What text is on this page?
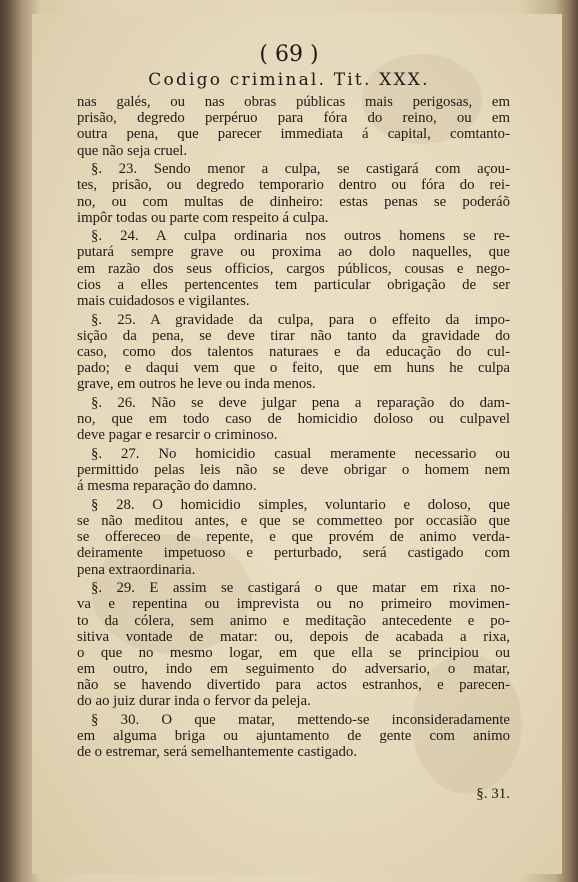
( 69 )
Codigo criminal. Tit. XXX.
nas galés, ou nas obras públicas mais perigosas, em
prisão, degredo perpéruo para fóra do reino, ou em
outra pena, que parecer immediata á capital, comtanto-
que não seja cruel.
§. 23. Sendo menor a culpa, se castigará com açou-
tes, prisão, ou degredo temporario dentro ou fóra do rei-
no, ou com multas de dinheiro: estas penas se poderáõ
impôr todas ou parte com respeito á culpa.
§. 24. A culpa ordinaria nos outros homens se re-
putará sempre grave ou proxima ao dolo naquelles, que
em razão dos seus officios, cargos públicos, cousas e nego-
cios a elles pertencentes tem particular obrigação de ser
mais cuidadosos e vigilantes.
§. 25. A gravidade da culpa, para o effeito da impo-
sição da pena, se deve tirar não tanto da gravidade do
caso, como dos talentos naturaes e da educação do cul-
pado; e daqui vem que o feito, que em huns he culpa
grave, em outros he leve ou inda menos.
§. 26. Não se deve julgar pena a reparação do dam-
no, que em todo caso de homicidio doloso ou culpavel
deve pagar e resarcir o criminoso.
§. 27. No homicidio casual meramente necessario ou
permittido pelas leis não se deve obrigar o homem nem
á mesma reparação do damno.
§ 28. O homicidio simples, voluntario e doloso, que
se não meditou antes, e que se commetteo por occasião que
se offereceo de repente, e que provém de animo verda-
deiramente impetuoso e perturbado, será castigado com
pena extraordinaria.
§. 29. E assim se castigará o que matar em rixa no-
va e repentina ou imprevista ou no primeiro movimen-
to da cólera, sem animo e meditação antecedente e po-
sitiva vontade de matar: ou, depois de acabada a rixa,
o que no mesmo logar, em que ella se principiou ou
em outro, indo em seguimento do adversario, o matar,
não se havendo divertido para actos estranhos, e parecen-
do ao juiz durar inda o fervor da peleja.
§ 30. O que matar, mettendo-se inconsideradamente
em alguma briga ou ajuntamento de gente com animo
de o estremar, será semelhantemente castigado.
§. 31.
